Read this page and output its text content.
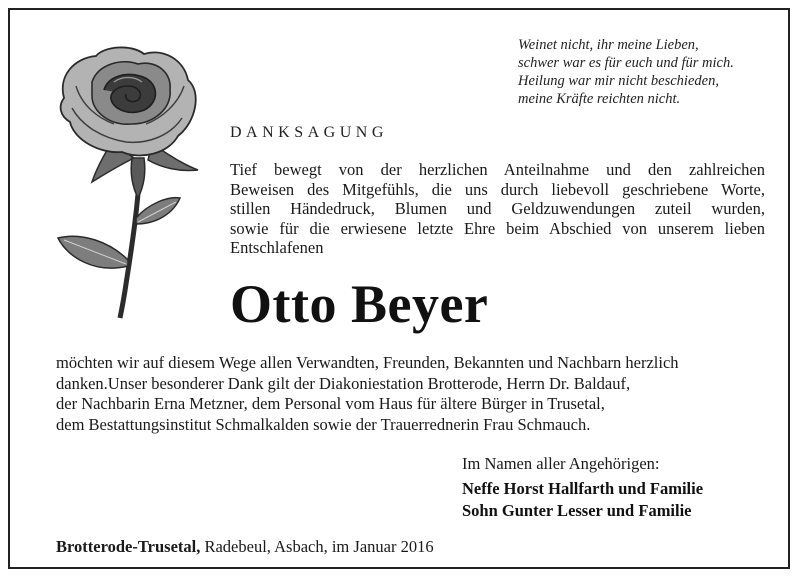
Weinet nicht, ihr meine Lieben,
schwer war es für euch und für mich.
Heilung war mir nicht beschieden,
meine Kräfte reichten nicht.
DANKSAGUNG
Tief bewegt von der herzlichen Anteilnahme und den zahlreichen
Beweisen des Mitgefühls, die uns durch liebevoll geschriebene Worte,
stillen Händedruck, Blumen und Geldzuwendungen zuteil wurden,
sowie für die erwiesene letzte Ehre beim Abschied von unserem lieben
Entschlafenen
Otto Beyer
möchten wir auf diesem Wege allen Verwandten, Freunden, Bekannten und Nachbarn herzlich
danken.Unser besonderer Dank gilt der Diakoniestation Brotterode, Herrn Dr. Baldauf,
der Nachbarin Erna Metzner, dem Personal vom Haus für ältere Bürger in Trusetal,
dem Bestattungsinstitut Schmalkalden sowie der Trauerrednerin Frau Schmauch.
Im Namen aller Angehörigen:
Neffe Horst Hallfarth und Familie
Sohn Gunter Lesser und Familie
Brotterode-Trusetal, Radebeul, Asbach, im Januar 2016
